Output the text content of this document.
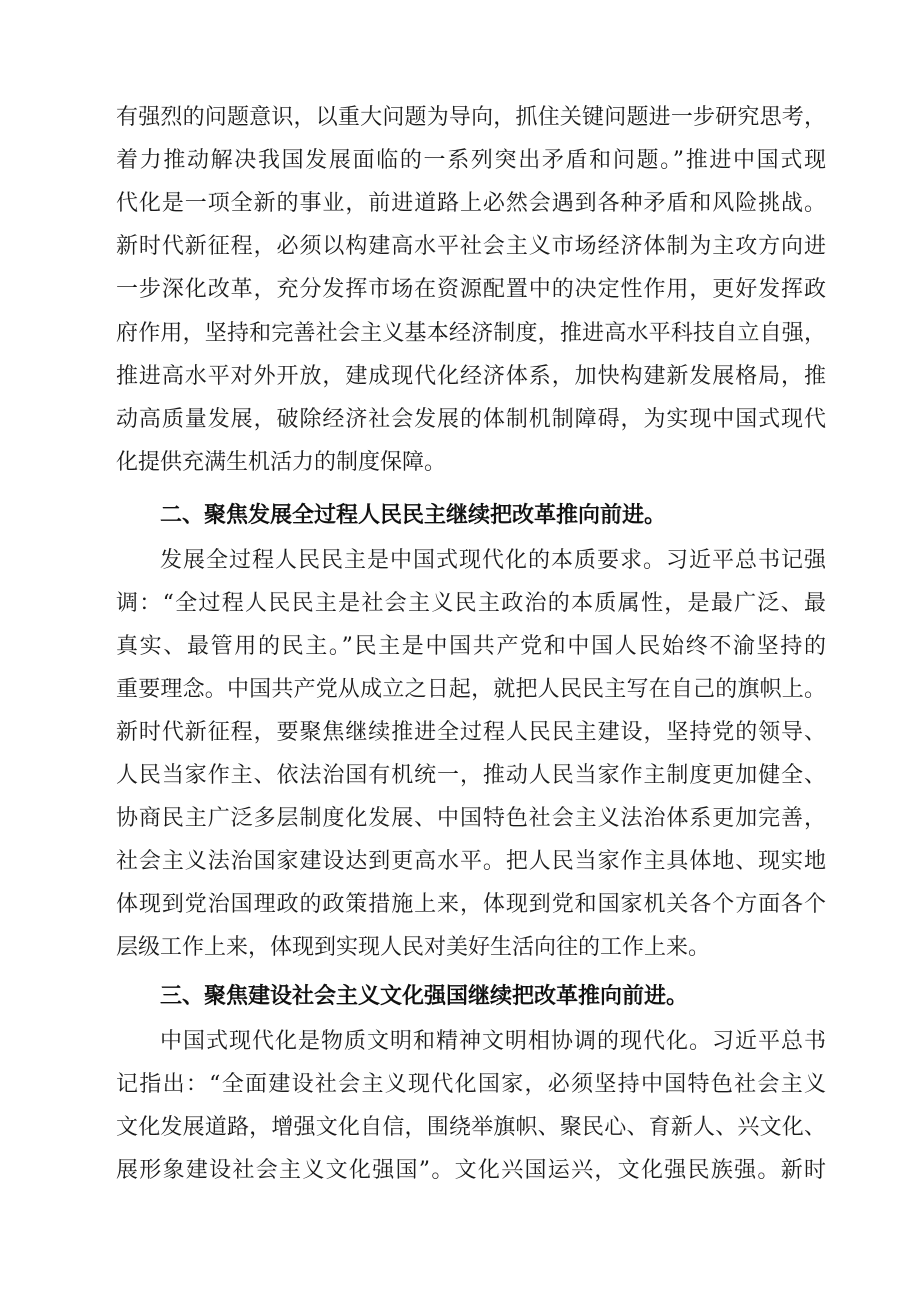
有强烈的问题意识，以重大问题为导向，抓住关键问题进一步研究思考，
着力推动解决我国发展面临的一系列突出矛盾和问题。”推进中国式现
代化是一项全新的事业，前进道路上必然会遇到各种矛盾和风险挑战。
新时代新征程，必须以构建高水平社会主义市场经济体制为主攻方向进
一步深化改革，充分发挥市场在资源配置中的决定性作用，更好发挥政
府作用，坚持和完善社会主义基本经济制度，推进高水平科技自立自强，
推进高水平对外开放，建成现代化经济体系，加快构建新发展格局，推
动高质量发展，破除经济社会发展的体制机制障碍，为实现中国式现代
化提供充满生机活力的制度保障。
二、聚焦发展全过程人民民主继续把改革推向前进。
发展全过程人民民主是中国式现代化的本质要求。习近平总书记强
调：“全过程人民民主是社会主义民主政治的本质属性，是最广泛、最
真实、最管用的民主。”民主是中国共产党和中国人民始终不渝坚持的
重要理念。中国共产党从成立之日起，就把人民民主写在自己的旗帜上。
新时代新征程，要聚焦继续推进全过程人民民主建设，坚持党的领导、
人民当家作主、依法治国有机统一，推动人民当家作主制度更加健全、
协商民主广泛多层制度化发展、中国特色社会主义法治体系更加完善，
社会主义法治国家建设达到更高水平。把人民当家作主具体地、现实地
体现到党治国理政的政策措施上来，体现到党和国家机关各个方面各个
层级工作上来，体现到实现人民对美好生活向往的工作上来。
三、聚焦建设社会主义文化强国继续把改革推向前进。
中国式现代化是物质文明和精神文明相协调的现代化。习近平总书
记指出：“全面建设社会主义现代化国家，必须坚持中国特色社会主义
文化发展道路，增强文化自信，围绕举旗帜、聚民心、育新人、兴文化、
展形象建设社会主义文化强国”。文化兴国运兴，文化强民族强。新时
